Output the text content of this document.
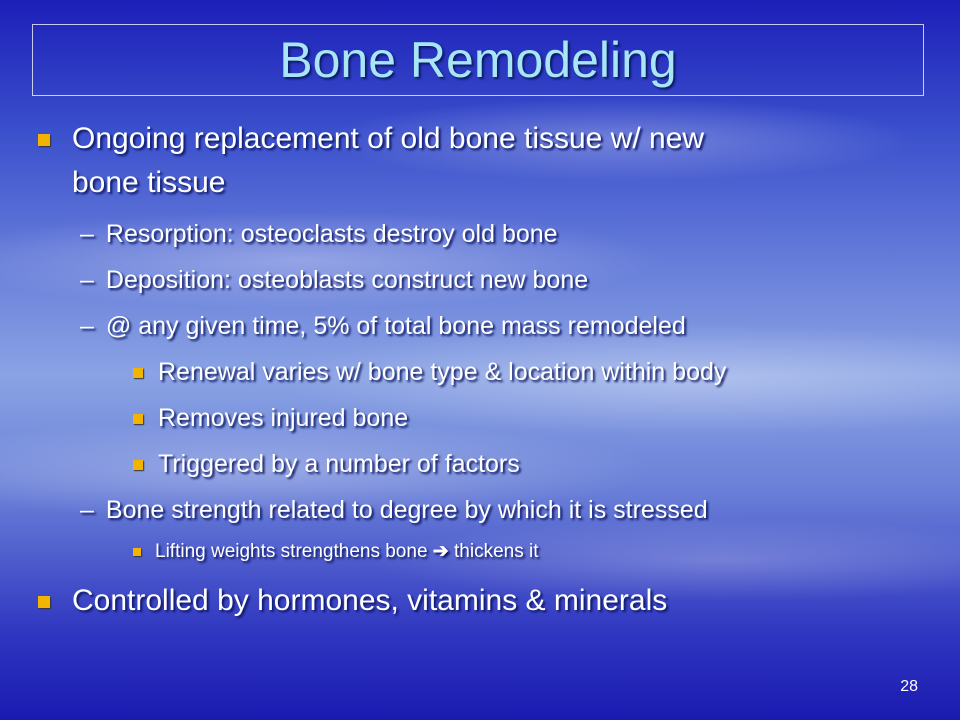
Bone Remodeling
Ongoing replacement of old bone tissue w/ new
bone tissue
– Resorption: osteoclasts destroy old bone
– Deposition: osteoblasts construct new bone
– @ any given time, 5% of total bone mass remodeled
Renewal varies w/ bone type & location within body
Removes injured bone
Triggered by a number of factors
– Bone strength related to degree by which it is stressed
Lifting weights strengthens bone ➔ thickens it
Controlled by hormones, vitamins & minerals
28
